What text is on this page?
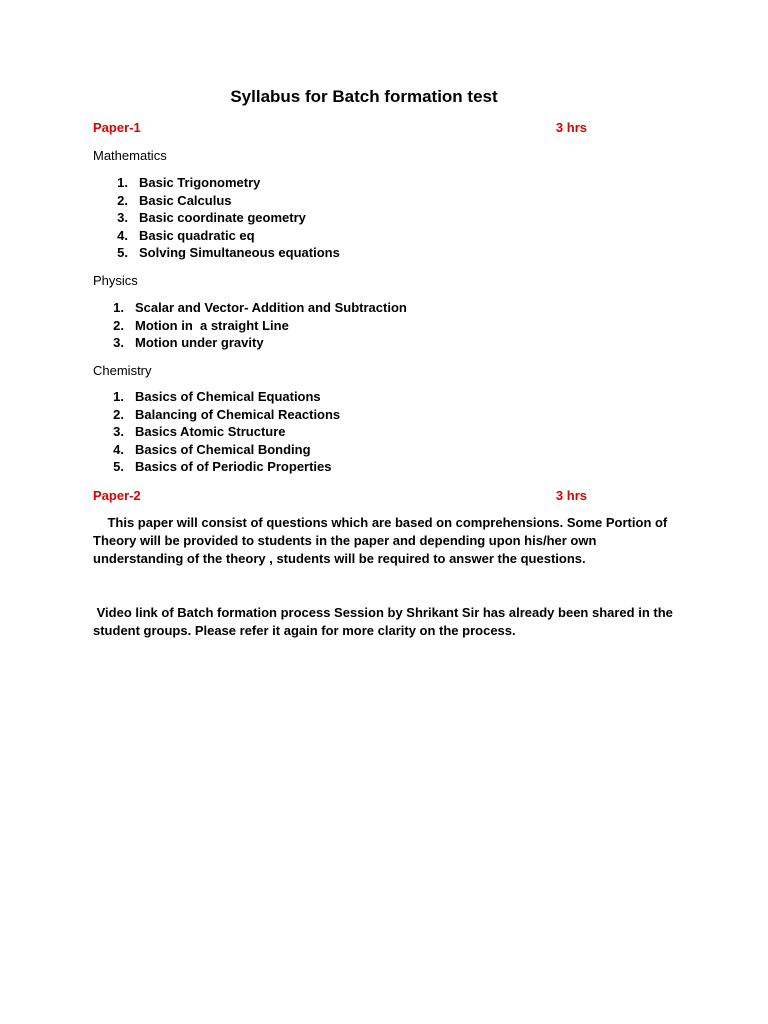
Syllabus for Batch formation test
Paper-1	3 hrs
Mathematics
1. Basic Trigonometry
2. Basic Calculus
3. Basic coordinate geometry
4. Basic quadratic eq
5. Solving Simultaneous equations
Physics
1. Scalar and Vector- Addition and Subtraction
2. Motion in  a straight Line
3. Motion under gravity
Chemistry
1. Basics of Chemical Equations
2. Balancing of Chemical Reactions
3. Basics Atomic Structure
4. Basics of Chemical Bonding
5. Basics of of Periodic Properties
Paper-2	3 hrs
This paper will consist of questions which are based on comprehensions. Some Portion of Theory will be provided to students in the paper and depending upon his/her own understanding of the theory , students will be required to answer the questions.
Video link of Batch formation process Session by Shrikant Sir has already been shared in the student groups. Please refer it again for more clarity on the process.
